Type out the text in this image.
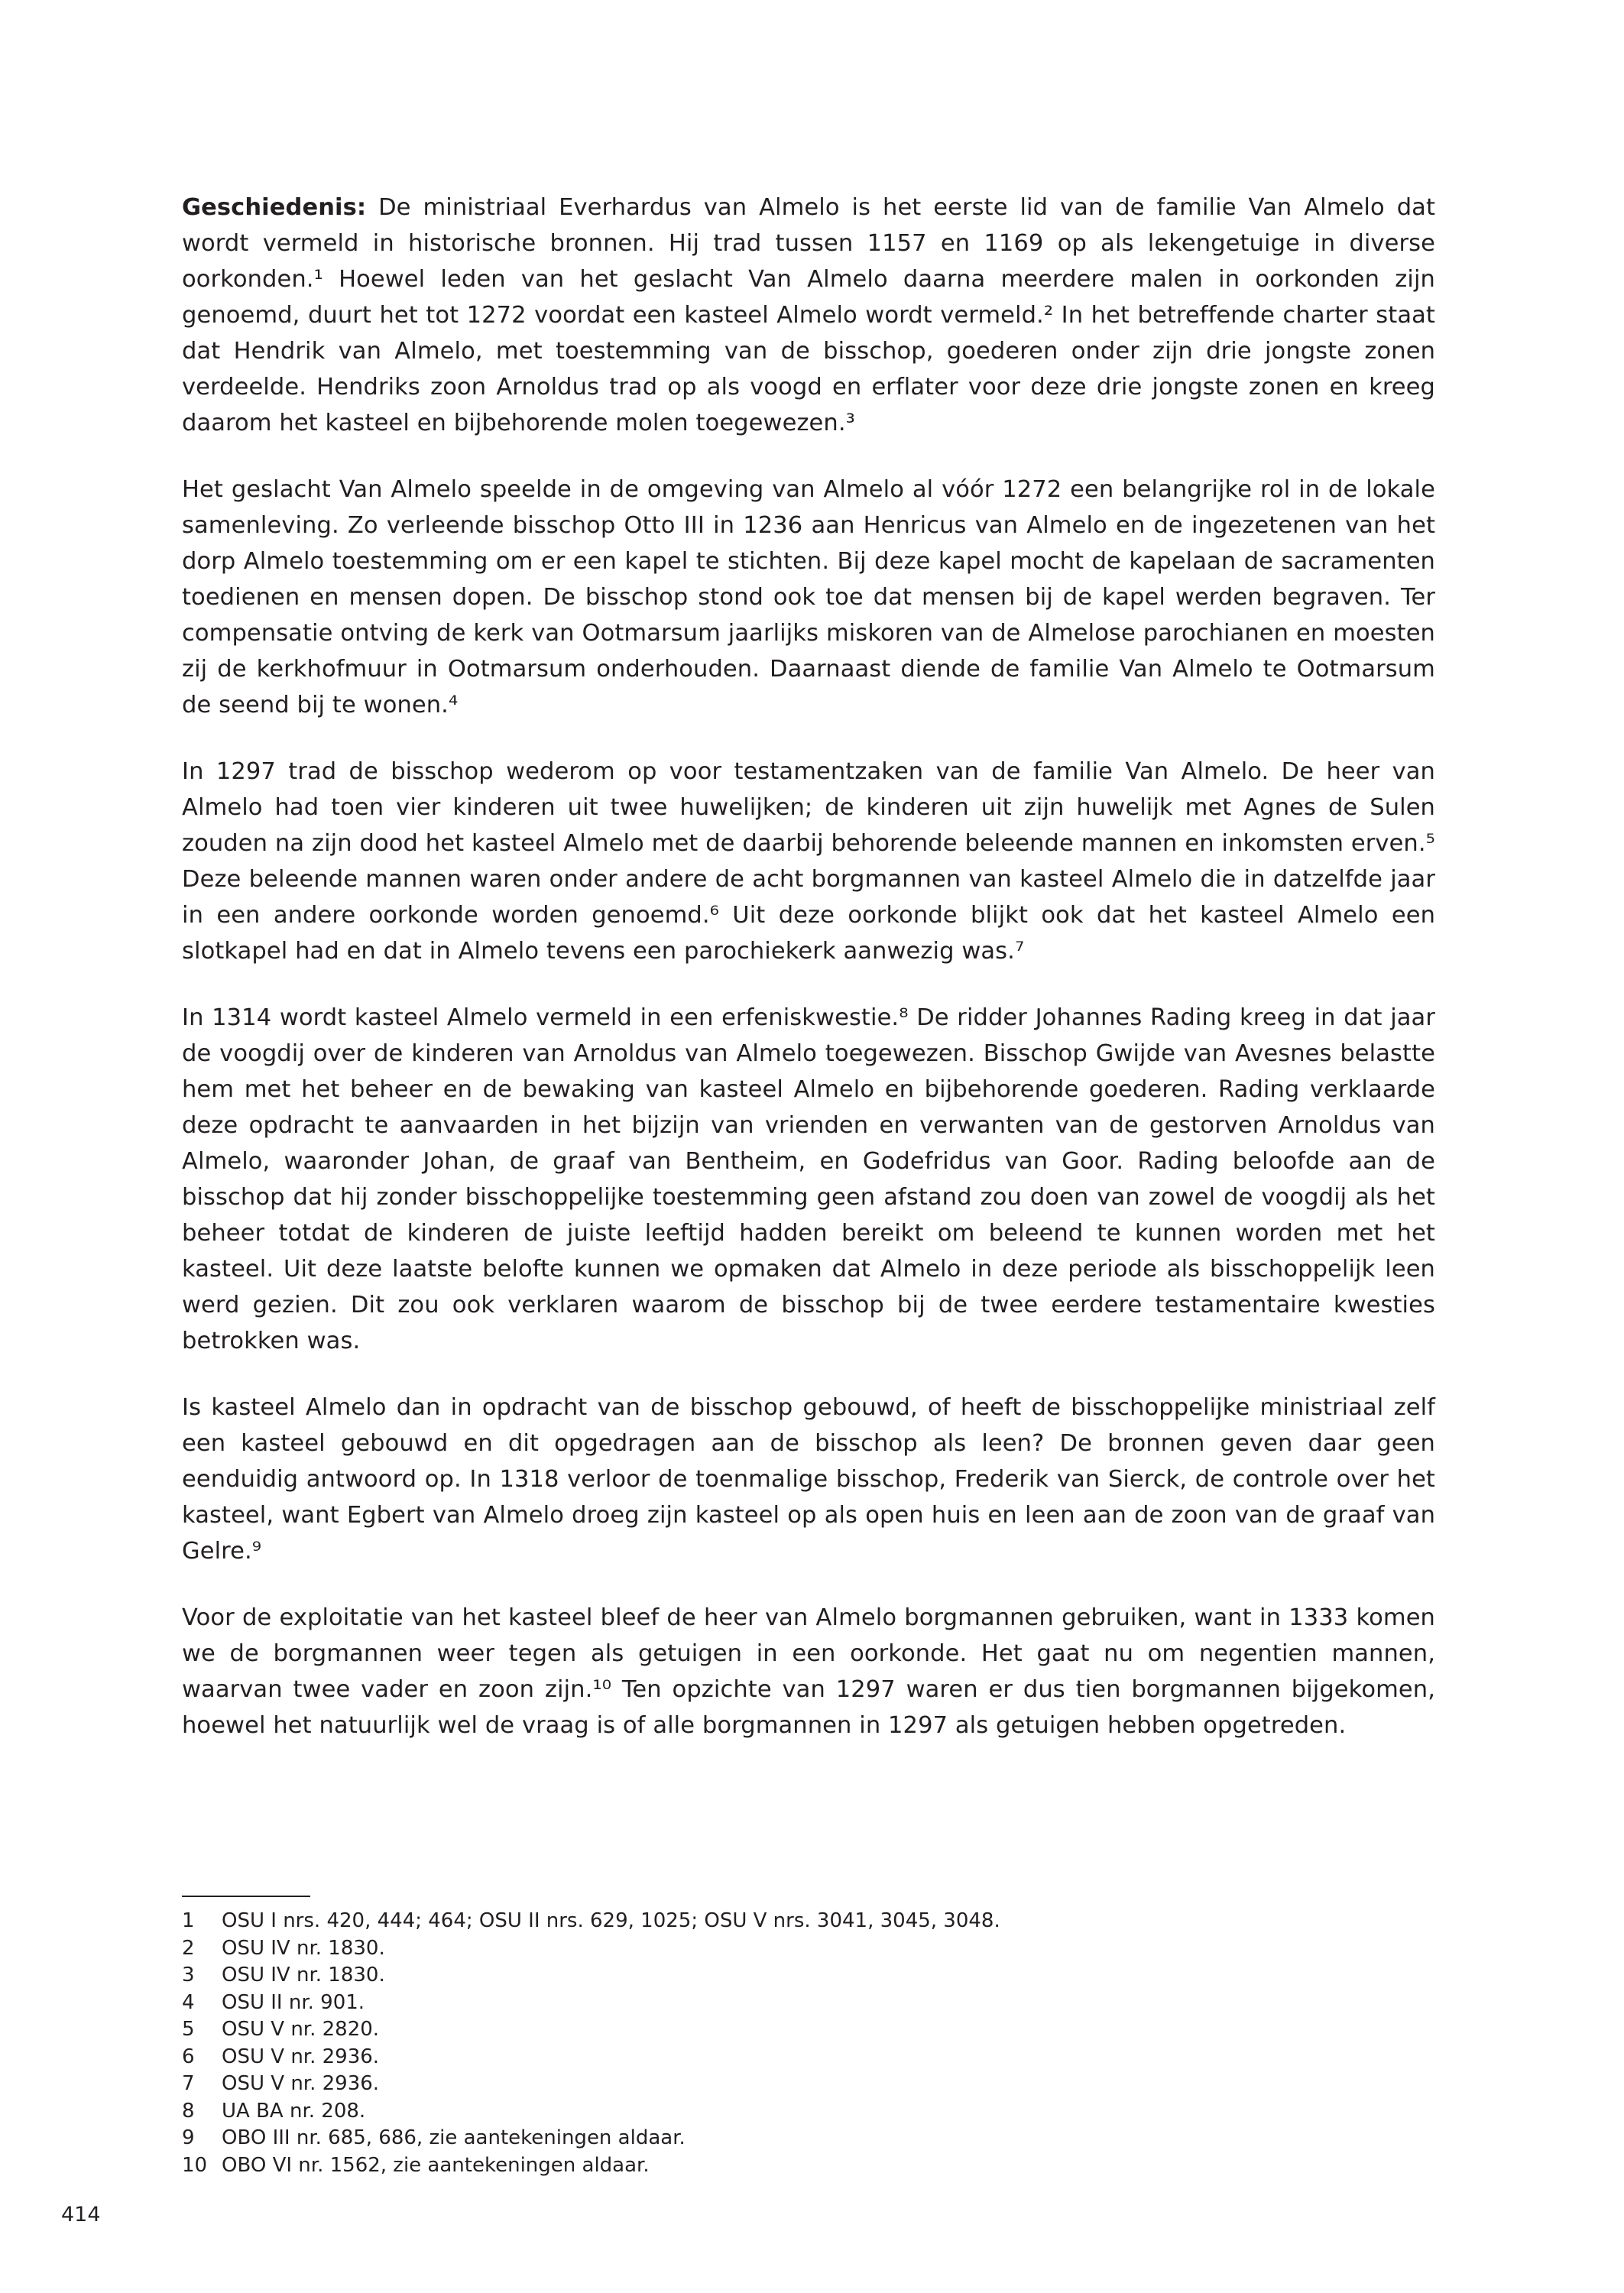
Geschiedenis: De ministriaal Everhardus van Almelo is het eerste lid van de familie Van Almelo dat wordt vermeld in historische bronnen. Hij trad tussen 1157 en 1169 op als lekengetuige in diverse oorkonden.¹ Hoewel leden van het geslacht Van Almelo daarna meerdere malen in oorkonden zijn genoemd, duurt het tot 1272 voordat een kasteel Almelo wordt vermeld.² In het betreffende charter staat dat Hendrik van Almelo, met toestemming van de bisschop, goederen onder zijn drie jongste zonen verdeelde. Hendriks zoon Arnoldus trad op als voogd en erflater voor deze drie jongste zonen en kreeg daarom het kasteel en bijbehorende molen toegewezen.³

Het geslacht Van Almelo speelde in de omgeving van Almelo al vóór 1272 een belangrijke rol in de lokale samenleving. Zo verleende bisschop Otto III in 1236 aan Henricus van Almelo en de ingezetenen van het dorp Almelo toestemming om er een kapel te stichten. Bij deze kapel mocht de kapelaan de sacramenten toedienen en mensen dopen. De bisschop stond ook toe dat mensen bij de kapel werden begraven. Ter compensatie ontving de kerk van Ootmarsum jaarlijks miskoren van de Almelose parochianen en moesten zij de kerkhofmuur in Ootmarsum onderhouden. Daarnaast diende de familie Van Almelo te Ootmarsum de seend bij te wonen.⁴

In 1297 trad de bisschop wederom op voor testamentzaken van de familie Van Almelo. De heer van Almelo had toen vier kinderen uit twee huwelijken; de kinderen uit zijn huwelijk met Agnes de Sulen zouden na zijn dood het kasteel Almelo met de daarbij behorende beleende mannen en inkomsten erven.⁵ Deze beleende mannen waren onder andere de acht borgmannen van kasteel Almelo die in datzelfde jaar in een andere oorkonde worden genoemd.⁶ Uit deze oorkonde blijkt ook dat het kasteel Almelo een slotkapel had en dat in Almelo tevens een parochiekerk aanwezig was.⁷

In 1314 wordt kasteel Almelo vermeld in een erfeniskwestie.⁸ De ridder Johannes Rading kreeg in dat jaar de voogdij over de kinderen van Arnoldus van Almelo toegewezen. Bisschop Gwijde van Avesnes belastte hem met het beheer en de bewaking van kasteel Almelo en bijbehorende goederen. Rading verklaarde deze opdracht te aanvaarden in het bijzijn van vrienden en verwanten van de gestorven Arnoldus van Almelo, waaronder Johan, de graaf van Bentheim, en Godefridus van Goor. Rading beloofde aan de bisschop dat hij zonder bisschoppelijke toestemming geen afstand zou doen van zowel de voogdij als het beheer totdat de kinderen de juiste leeftijd hadden bereikt om beleend te kunnen worden met het kasteel. Uit deze laatste belofte kunnen we opmaken dat Almelo in deze periode als bisschoppelijk leen werd gezien. Dit zou ook verklaren waarom de bisschop bij de twee eerdere testamentaire kwesties betrokken was.

Is kasteel Almelo dan in opdracht van de bisschop gebouwd, of heeft de bisschoppelijke ministriaal zelf een kasteel gebouwd en dit opgedragen aan de bisschop als leen? De bronnen geven daar geen eenduidig antwoord op. In 1318 verloor de toenmalige bisschop, Frederik van Sierck, de controle over het kasteel, want Egbert van Almelo droeg zijn kasteel op als open huis en leen aan de zoon van de graaf van Gelre.⁹

Voor de exploitatie van het kasteel bleef de heer van Almelo borgmannen gebruiken, want in 1333 komen we de borgmannen weer tegen als getuigen in een oorkonde. Het gaat nu om negentien mannen, waarvan twee vader en zoon zijn.¹⁰ Ten opzichte van 1297 waren er dus tien borgmannen bijgekomen, hoewel het natuurlijk wel de vraag is of alle borgmannen in 1297 als getuigen hebben opgetreden.

1	OSU I nrs. 420, 444; 464; OSU II nrs. 629, 1025; OSU V nrs. 3041, 3045, 3048.
2	OSU IV nr. 1830.
3	OSU IV nr. 1830.
4	OSU II nr. 901.
5	OSU V nr. 2820.
6	OSU V nr. 2936.
7	OSU V nr. 2936.
8	UA BA nr. 208.
9	OBO III nr. 685, 686, zie aantekeningen aldaar.
10 OBO VI nr. 1562, zie aantekeningen aldaar.
414
